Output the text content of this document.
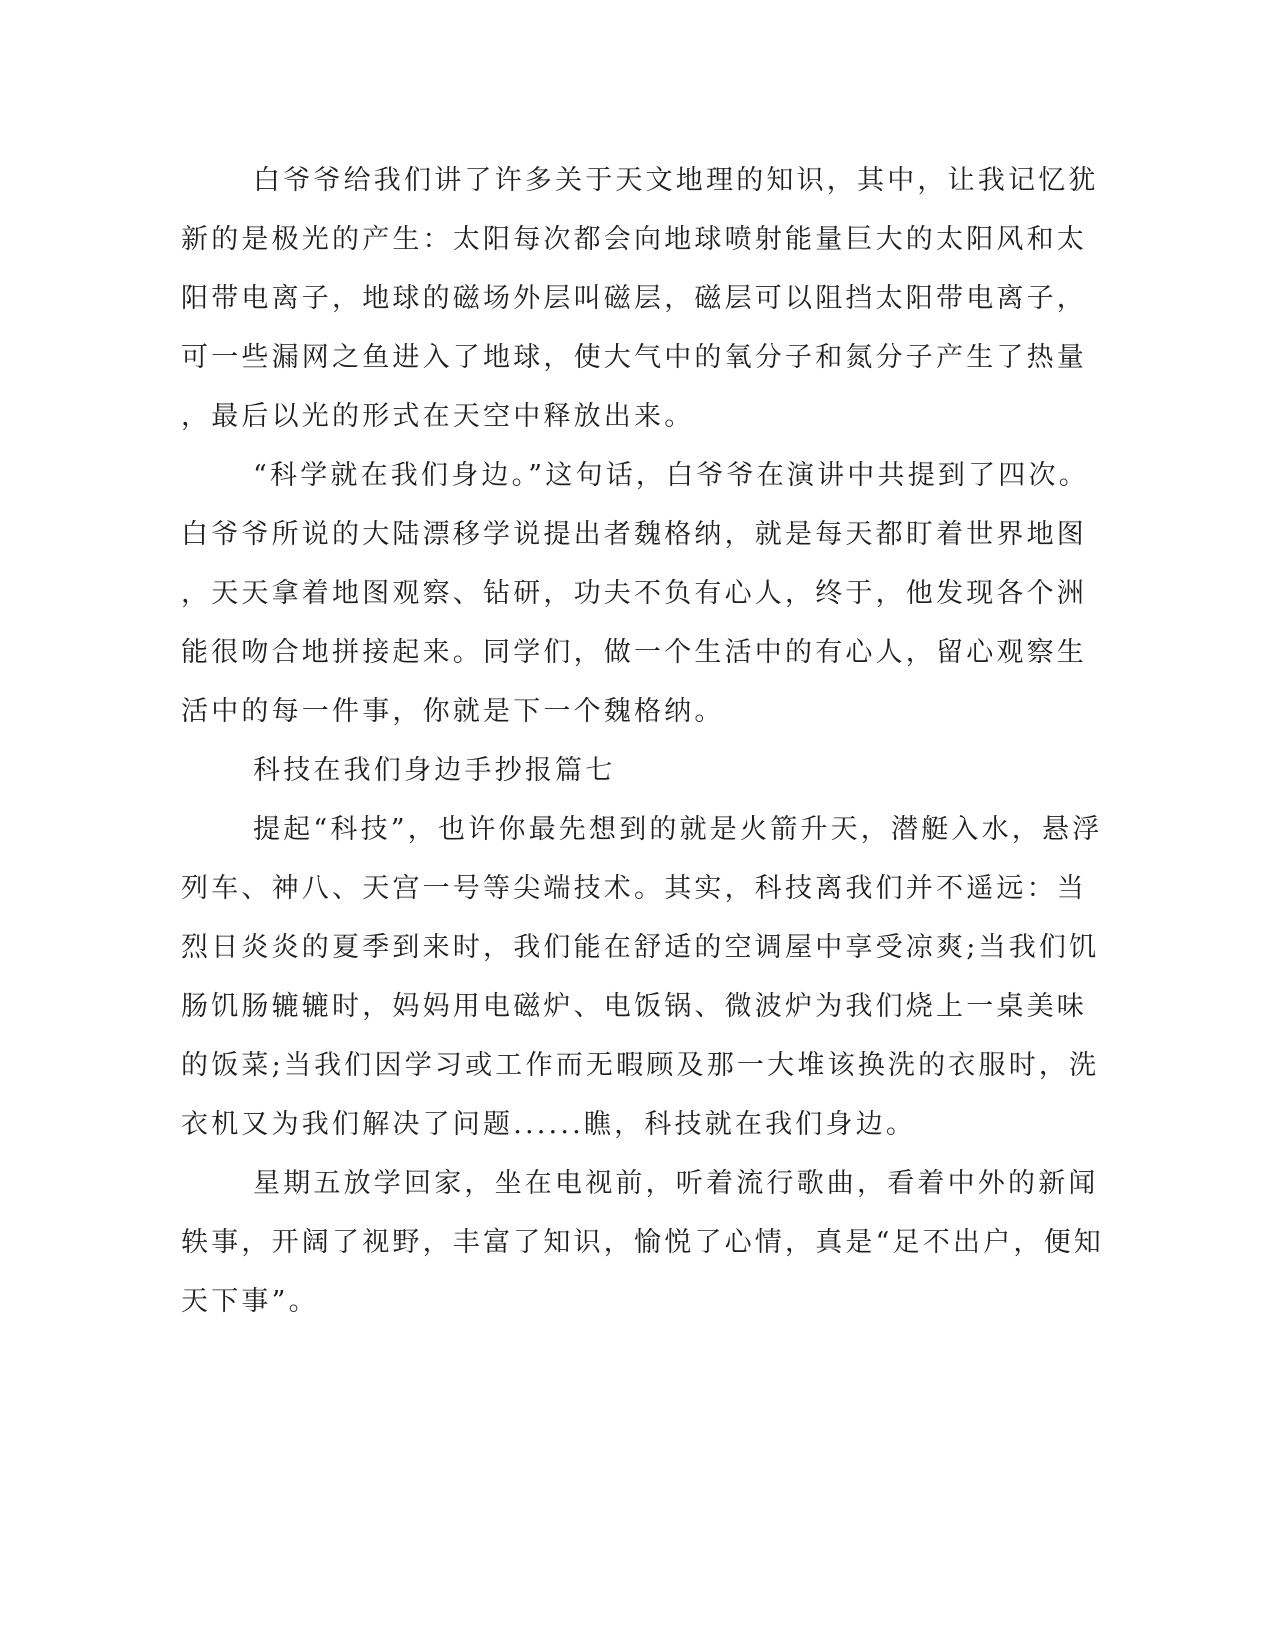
白爷爷给我们讲了许多关于天文地理的知识，其中，让我记忆犹

新的是极光的产生：太阳每次都会向地球喷射能量巨大的太阳风和太

阳带电离子，地球的磁场外层叫磁层，磁层可以阻挡太阳带电离子，

可一些漏网之鱼进入了地球，使大气中的氧分子和氮分子产生了热量

，最后以光的形式在天空中释放出来。

“科学就在我们身边。”这句话，白爷爷在演讲中共提到了四次。

白爷爷所说的大陆漂移学说提出者魏格纳，就是每天都盯着世界地图

，天天拿着地图观察、钻研，功夫不负有心人，终于，他发现各个洲

能很吻合地拼接起来。同学们，做一个生活中的有心人，留心观察生

活中的每一件事，你就是下一个魏格纳。

科技在我们身边手抄报篇七

提起“科技”，也许你最先想到的就是火箭升天，潜艇入水，悬浮

列车、神八、天宫一号等尖端技术。其实，科技离我们并不遥远：当

烈日炎炎的夏季到来时，我们能在舒适的空调屋中享受凉爽;当我们饥

肠饥肠辘辘时，妈妈用电磁炉、电饭锅、微波炉为我们烧上一桌美味

的饭菜;当我们因学习或工作而无暇顾及那一大堆该换洗的衣服时，洗

衣机又为我们解决了问题......瞧，科技就在我们身边。

星期五放学回家，坐在电视前，听着流行歌曲，看着中外的新闻

轶事，开阔了视野，丰富了知识，愉悦了心情，真是“足不出户，便知

天下事”。
